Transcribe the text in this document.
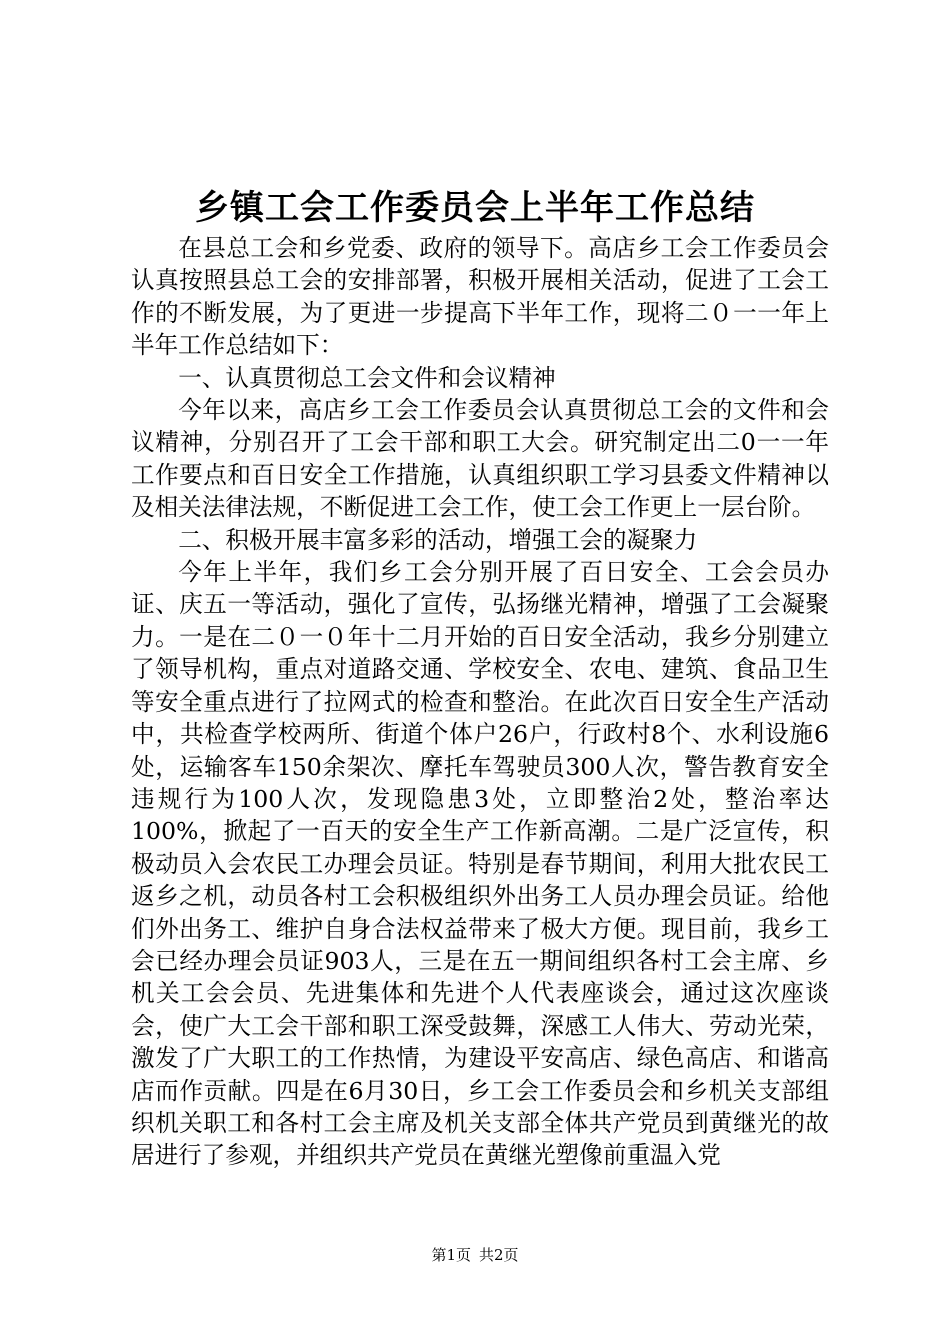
乡镇工会工作委员会上半年工作总结

在县总工会和乡党委、政府的领导下。高店乡工会工作委员会认真按照县总工会的安排部署，积极开展相关活动，促进了工会工作的不断发展，为了更进一步提高下半年工作，现将二０一一年上半年工作总结如下：

一、认真贯彻总工会文件和会议精神

今年以来，高店乡工会工作委员会认真贯彻总工会的文件和会议精神，分别召开了工会干部和职工大会。研究制定出二0一一年工作要点和百日安全工作措施，认真组织职工学习县委文件精神以及相关法律法规，不断促进工会工作，使工会工作更上一层台阶。

二、积极开展丰富多彩的活动，增强工会的凝聚力

今年上半年，我们乡工会分别开展了百日安全、工会会员办证、庆五一等活动，强化了宣传，弘扬继光精神，增强了工会凝聚力。一是在二０一０年十二月开始的百日安全活动，我乡分别建立了领导机构，重点对道路交通、学校安全、农电、建筑、食品卫生等安全重点进行了拉网式的检查和整治。在此次百日安全生产活动中，共检查学校两所、街道个体户26户，行政村8个、水利设施6处，运输客车150余架次、摩托车驾驶员300人次，警告教育安全违规行为100人次，发现隐患3处，立即整治2处，整治率达100%，掀起了一百天的安全生产工作新高潮。二是广泛宣传，积极动员入会农民工办理会员证。特别是春节期间，利用大批农民工返乡之机，动员各村工会积极组织外出务工人员办理会员证。给他们外出务工、维护自身合法权益带来了极大方便。现目前，我乡工会已经办理会员证903人，三是在五一期间组织各村工会主席、乡机关工会会员、先进集体和先进个人代表座谈会，通过这次座谈会，使广大工会干部和职工深受鼓舞，深感工人伟大、劳动光荣，激发了广大职工的工作热情，为建设平安高店、绿色高店、和谐高店而作贡献。四是在6月30日，乡工会工作委员会和乡机关支部组织机关职工和各村工会主席及机关支部全体共产党员到黄继光的故居进行了参观，并组织共产党员在黄继光塑像前重温入党

第1页 共2页
